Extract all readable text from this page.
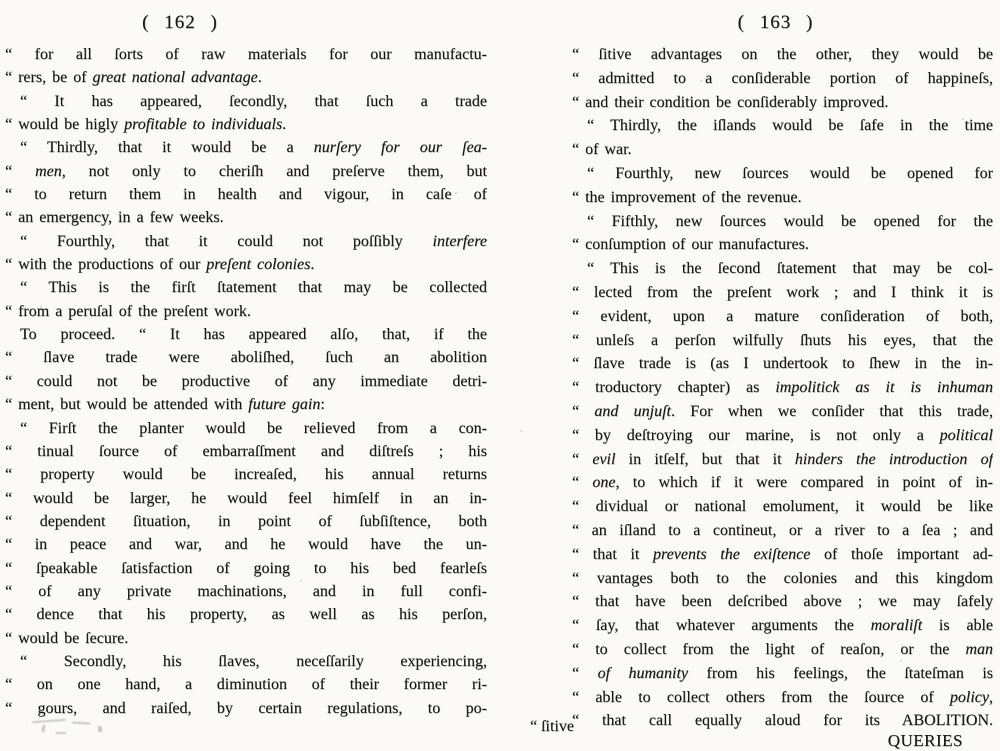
( 162 )
“ for all ſorts of raw materials for our manufactu-
“ rers, be of great national advantage.
“ It has appeared, ſecondly, that ſuch a trade
“ would be higly profitable to individuals.
“ Thirdly, that it would be a nurſery for our ſea-
“ men, not only to cheriſh and preſerve them, but
“ to return them in health and vigour, in caſe of
“ an emergency, in a few weeks.
“ Fourthly, that it could not poſſibly interfere
“ with the productions of our preſent colonies.
“ This is the firſt ſtatement that may be collected
“ from a peruſal of the preſent work.
To proceed. “ It has appeared alſo, that, if the
“ ſlave trade were aboliſhed, ſuch an abolition
“ could not be productive of any immediate detri-
“ ment, but would be attended with future gain:
“ Firſt the planter would be relieved from a con-
“ tinual ſource of embarraſſment and diſtreſs ; his
“ property would be increaſed, his annual returns
“ would be larger, he would feel himſelf in an in-
“ dependent ſituation, in point of ſubſiſtence, both
“ in peace and war, and he would have the un-
“ ſpeakable ſatisfaction of going to his bed fearleſs
“ of any private machinations, and in full confi-
“ dence that his property, as well as his perſon,
“ would be ſecure.
“ Secondly, his ſlaves, neceſſarily experiencing,
“ on one hand, a diminution of their former ri-
“ gours, and raiſed, by certain regulations, to po-
( 163 )
“ ſitive advantages on the other, they would be
“ admitted to a conſiderable portion of happineſs,
“ and their condition be conſiderably improved.
“ Thirdly, the iſlands would be ſafe in the time
“ of war.
“ Fourthly, new ſources would be opened for
“ the improvement of the revenue.
“ Fifthly, new ſources would be opened for the
“ conſumption of our manufactures.
“ This is the ſecond ſtatement that may be col-
“ lected from the preſent work ; and I think it is
“ evident, upon a mature conſideration of both,
“ unleſs a perſon wilfully ſhuts his eyes, that the
“ ſlave trade is (as I undertook to ſhew in the in-
“ troductory chapter) as impolitick as it is inhuman
“ and unjuſt. For when we conſider that this trade,
“ by deſtroying our marine, is not only a political
“ evil in itſelf, but that it hinders the introduction of
“ one, to which if it were compared in point of in-
“ dividual or national emolument, it would be like
“ an iſland to a contineut, or a river to a ſea ; and
“ that it prevents the exiſtence of thoſe important ad-
“ vantages both to the colonies and this kingdom
“ that have been deſcribed above ; we may ſafely
“ ſay, that whatever arguments the moraliſt is able
“ to collect from the light of reaſon, or the man
“ of humanity from his feelings, the ſtateſman is
“ able to collect others from the ſource of policy,
“ that call equally aloud for its ABOLITION.
“ ſitive
QUERIES
